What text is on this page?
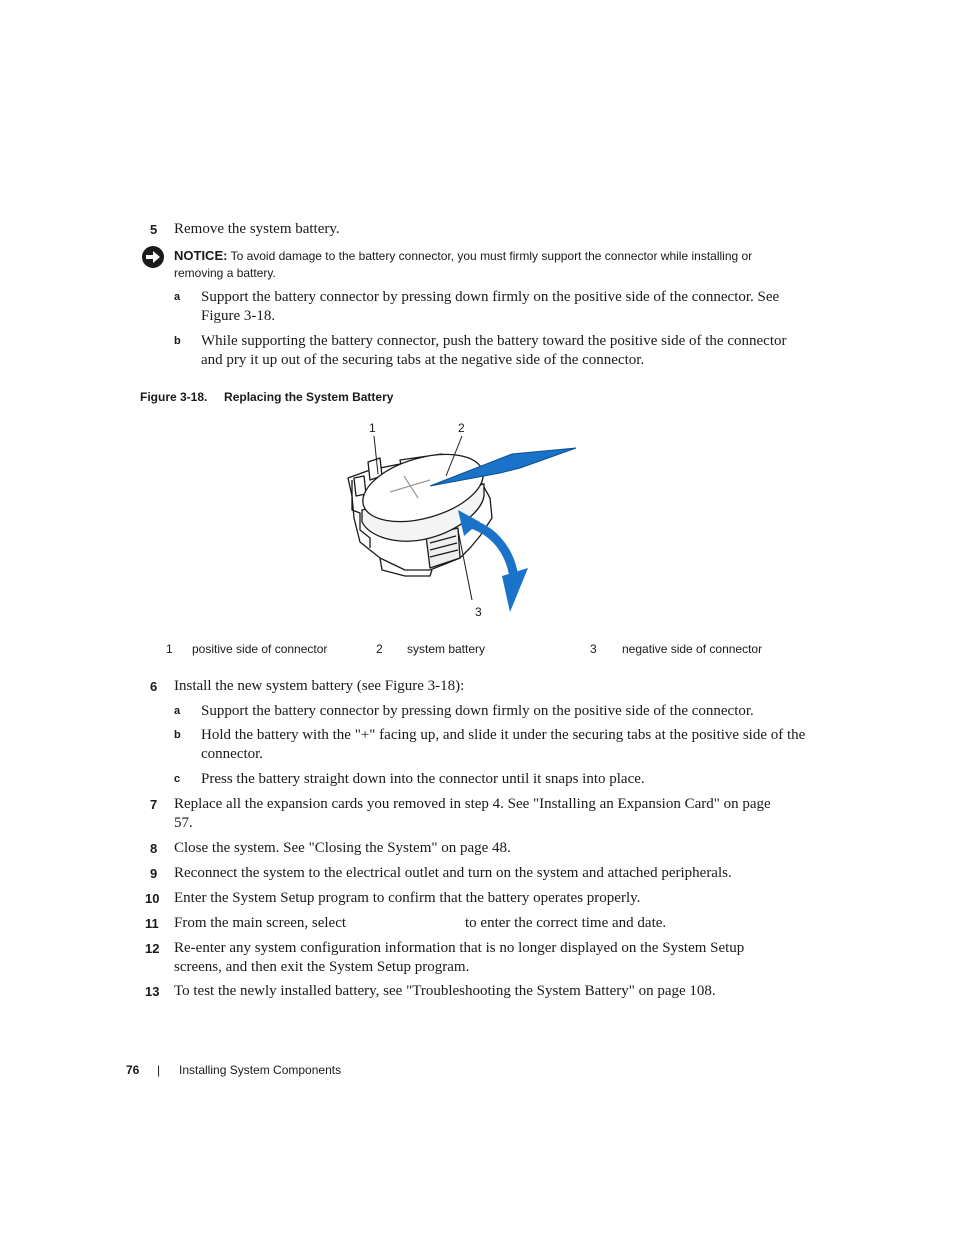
5 Remove the system battery.
NOTICE: To avoid damage to the battery connector, you must firmly support the connector while installing or removing a battery.
a Support the battery connector by pressing down firmly on the positive side of the connector. See Figure 3-18.
b While supporting the battery connector, push the battery toward the positive side of the connector and pry it up out of the securing tabs at the negative side of the connector.
Figure 3-18. Replacing the System Battery
1	2
3
1 positive side of connector	2 system battery	3 negative side of connector
6 Install the new system battery (see Figure 3-18):
a Support the battery connector by pressing down firmly on the positive side of the connector.
b Hold the battery with the "+" facing up, and slide it under the securing tabs at the positive side of the connector.
c Press the battery straight down into the connector until it snaps into place.
7 Replace all the expansion cards you removed in step 4. See "Installing an Expansion Card" on page 57.
8 Close the system. See "Closing the System" on page 48.
9 Reconnect the system to the electrical outlet and turn on the system and attached peripherals.
10 Enter the System Setup program to confirm that the battery operates properly.
11 From the main screen, select	to enter the correct time and date.
12 Re-enter any system configuration information that is no longer displayed on the System Setup screens, and then exit the System Setup program.
13 To test the newly installed battery, see "Troubleshooting the System Battery" on page 108.
76 | Installing System Components
